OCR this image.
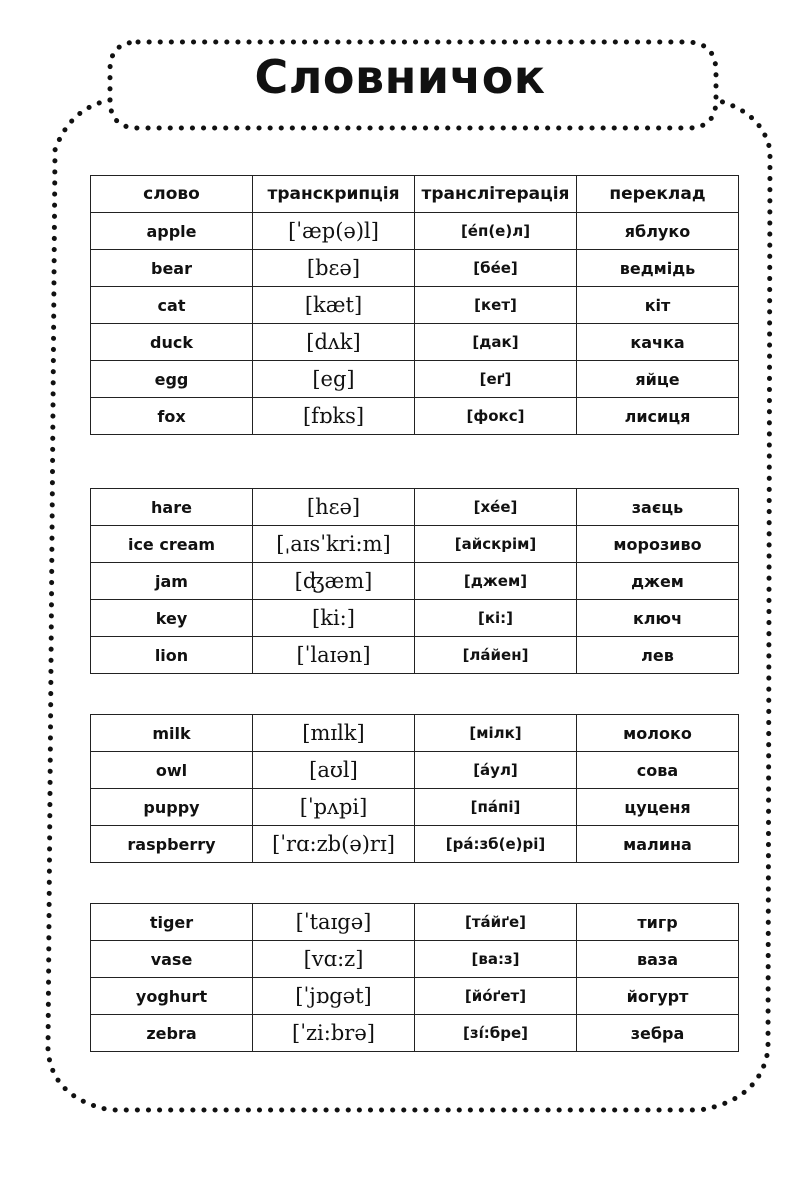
Словничок
слово	транскрипція	транслітерація	переклад
apple	[ˈæp(ə)l]	[éп(е)л]	яблуко
bear	[bɛə]	[бéе]	ведмідь
cat	[kæt]	[кет]	кіт
duck	[dʌk]	[дак]	качка
egg	[eg]	[еґ]	яйце
fox	[fɒks]	[фокс]	лисиця
hare	[hɛə]	[хée]	заєць
ice cream	[ˌaɪsˈkri:m]	[айскрім]	морозиво
jam	[ʤæm]	[джем]	джем
key	[ki:]	[кі:]	ключ
lion	[ˈlaɪən]	[лáйен]	лев
milk	[mɪlk]	[мілк]	молоко
owl	[aʊl]	[áул]	сова
puppy	[ˈpʌpi]	[пáпі]	цуценя
raspberry	[ˈrɑ:zb(ə)rɪ]	[рá:зб(е)рі]	малина
tiger	[ˈtaɪgə]	[тáйґе]	тигр
vase	[vɑ:z]	[ва:з]	ваза
yoghurt	[ˈjɒgət]	[йóґет]	йогурт
zebra	[ˈzi:brə]	[зí:бре]	зебра
